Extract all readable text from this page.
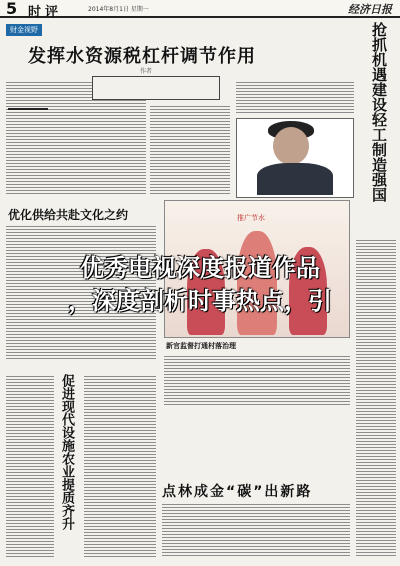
5 时评	2014年8月1日 星期一	经济日报
财金视野
发挥水资源税杠杆调节作用
作者	抢抓机遇建设轻工制造强国
优化供给共赴文化之约	推广节水
新官监督打通村落治理
促进现代设施农业提质齐升	点林成金“碳”出新路
优秀电视深度报道作品
，深度剖析时事热点，引
